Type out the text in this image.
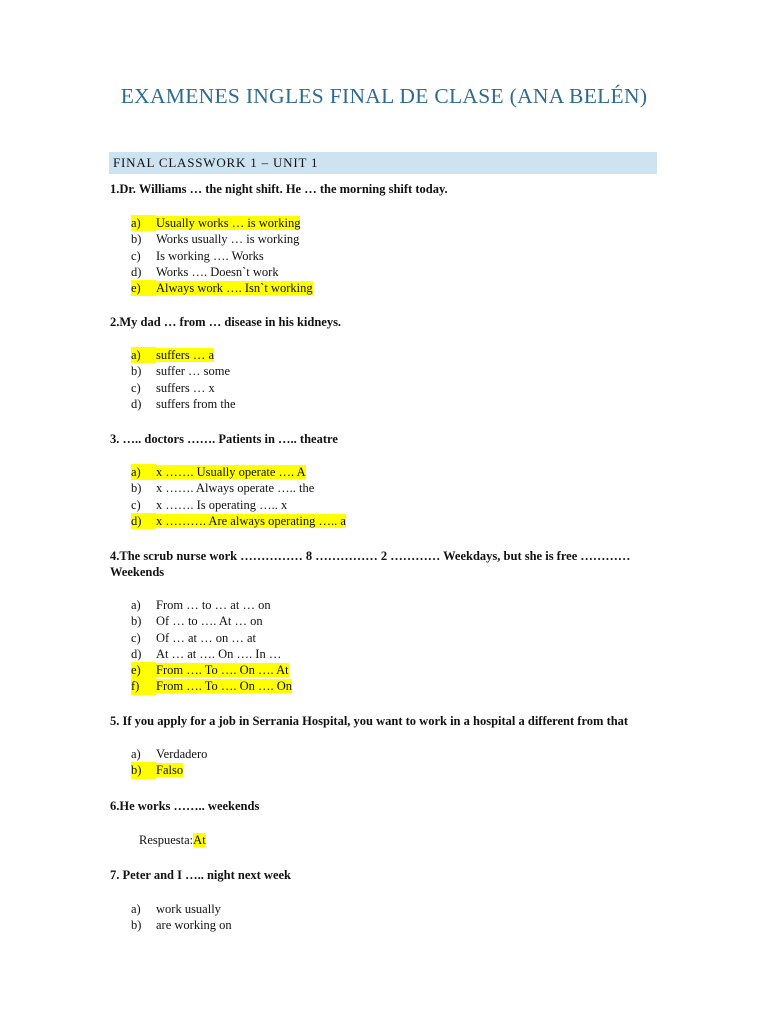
EXAMENES INGLES FINAL DE CLASE (ANA BELÉN)
FINAL CLASSWORK 1 – UNIT 1
1.Dr. Williams … the night shift. He … the morning shift today.
a) Usually works … is working
b) Works usually … is working
c) Is working …. Works
d) Works …. Doesn`t work
e) Always work …. Isn`t working
2.My dad … from … disease in his kidneys.
a) suffers … a
b) suffer … some
c) suffers … x
d) suffers from the
3. ….. doctors ……. Patients in ….. theatre
a) x ……. Usually operate …. A
b) x ……. Always operate ….. the
c) x ……. Is operating ….. x
d) x ………. Are always operating ….. a
4.The scrub nurse work …………… 8 …………… 2 ………… Weekdays, but she is free ………… Weekends
a) From … to … at … on
b) Of … to …. At … on
c) Of … at … on … at
d) At … at …. On …. In …
e) From …. To …. On …. At
f) From …. To …. On …. On
5. If you apply for a job in Serrania Hospital, you want to work in a hospital a different from that
a) Verdadero
b) Falso
6.He works …….. weekends
Respuesta:At
7. Peter and I ….. night next week
a) work usually
b) are working on
